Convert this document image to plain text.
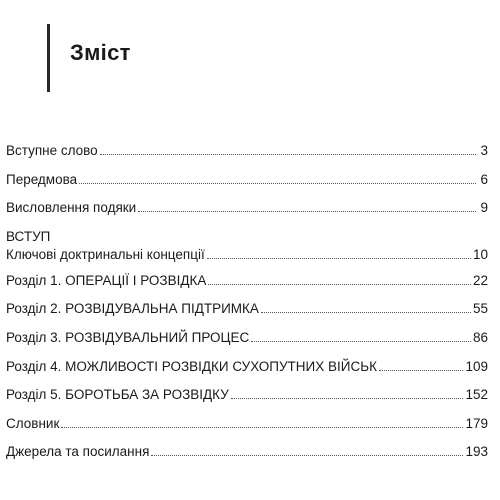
Зміст
Вступне слово	3
Передмова	6
Висловлення подяки	9
ВСТУП
Ключові доктринальні концепції	10
Розділ 1. ОПЕРАЦІЇ І РОЗВІДКА	22
Розділ 2. РОЗВІДУВАЛЬНА ПІДТРИМКА	55
Розділ 3. РОЗВІДУВАЛЬНИЙ ПРОЦЕС	86
Розділ 4. МОЖЛИВОСТІ РОЗВІДКИ СУХОПУТНИХ ВІЙСЬК	109
Розділ 5. БОРОТЬБА ЗА РОЗВІДКУ	152
Словник	179
Джерела та посилання	193
